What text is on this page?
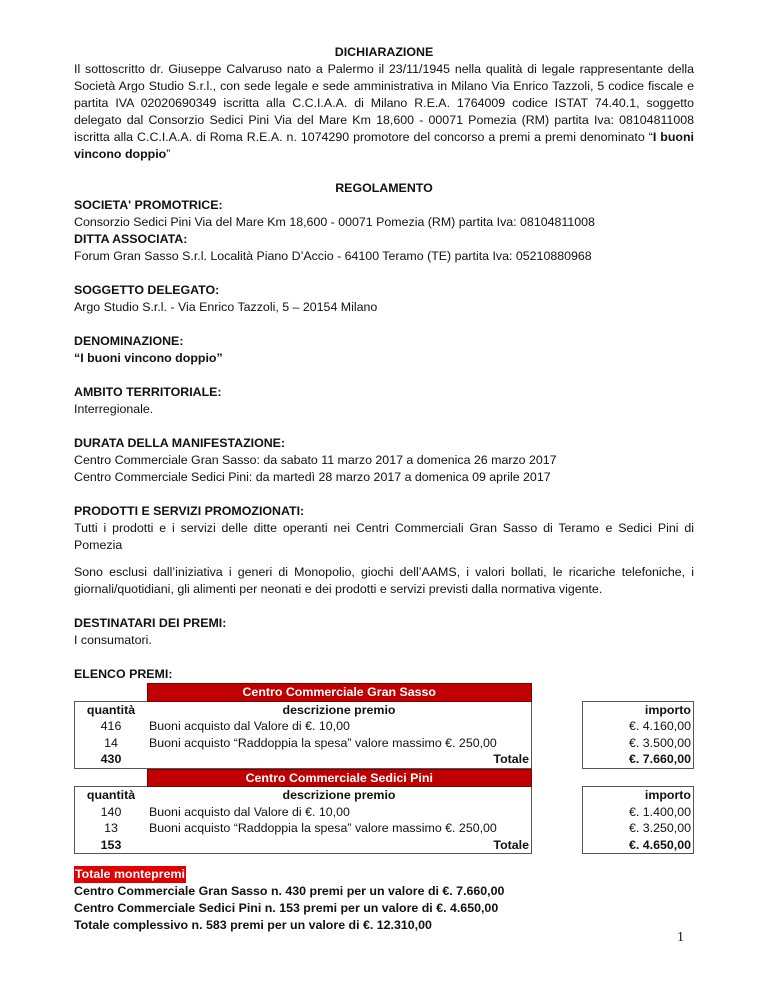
DICHIARAZIONE

Il sottoscritto dr. Giuseppe Calvaruso nato a Palermo il 23/11/1945 nella qualità di legale rappresentante della Società Argo Studio S.r.l., con sede legale e sede amministrativa in Milano Via Enrico Tazzoli, 5 codice fiscale e partita IVA 02020690349 iscritta alla C.C.I.A.A. di Milano R.E.A. 1764009 codice ISTAT 74.40.1, soggetto delegato dal Consorzio Sedici Pini Via del Mare Km 18,600 - 00071 Pomezia (RM) partita Iva: 08104811008 iscritta alla C.C.I.A.A. di Roma R.E.A. n. 1074290 promotore del concorso a premi a premi denominato “I buoni vincono doppio”

REGOLAMENTO

SOCIETA' PROMOTRICE:

Consorzio Sedici Pini Via del Mare Km 18,600 - 00071 Pomezia (RM) partita Iva: 08104811008

DITTA ASSOCIATA:

Forum Gran Sasso S.r.l. Località Piano D’Accio - 64100 Teramo (TE) partita Iva: 05210880968

SOGGETTO DELEGATO:

Argo Studio S.r.l. - Via Enrico Tazzoli, 5 – 20154 Milano

DENOMINAZIONE:

“I buoni vincono doppio”

AMBITO TERRITORIALE:

Interregionale.

DURATA DELLA MANIFESTAZIONE:

Centro Commerciale Gran Sasso: da sabato 11 marzo 2017 a domenica 26 marzo 2017

Centro Commerciale Sedici Pini: da martedì 28 marzo 2017 a domenica 09 aprile 2017

PRODOTTI E SERVIZI PROMOZIONATI:

Tutti i prodotti e i servizi delle ditte operanti nei Centri Commerciali Gran Sasso di Teramo e Sedici Pini di Pomezia

Sono esclusi dall’iniziativa i generi di Monopolio, giochi dell’AAMS, i valori bollati, le ricariche telefoniche, i giornali/quotidiani, gli alimenti per neonati e dei prodotti e servizi previsti dalla normativa vigente.

DESTINATARI DEI PREMI:

I consumatori.

ELENCO PREMI:

	Centro Commerciale Gran Sasso		
quantità	descrizione premio		importo
416	Buoni acquisto dal Valore di €. 10,00		€. 4.160,00
14	Buoni acquisto “Raddoppia la spesa” valore massimo €. 250,00		€. 3.500,00
430	Totale		€. 7.660,00
	Centro Commerciale Sedici Pini		
quantità	descrizione premio		importo
140	Buoni acquisto dal Valore di €. 10,00		€. 1.400,00
13	Buoni acquisto “Raddoppia la spesa” valore massimo €. 250,00		€. 3.250,00
153	Totale		€. 4.650,00
Totale montepremi

Centro Commerciale Gran Sasso n. 430 premi per un valore di €. 7.660,00

Centro Commerciale Sedici Pini n. 153 premi per un valore di €. 4.650,00

Totale complessivo n. 583 premi per un valore di €. 12.310,00

1
